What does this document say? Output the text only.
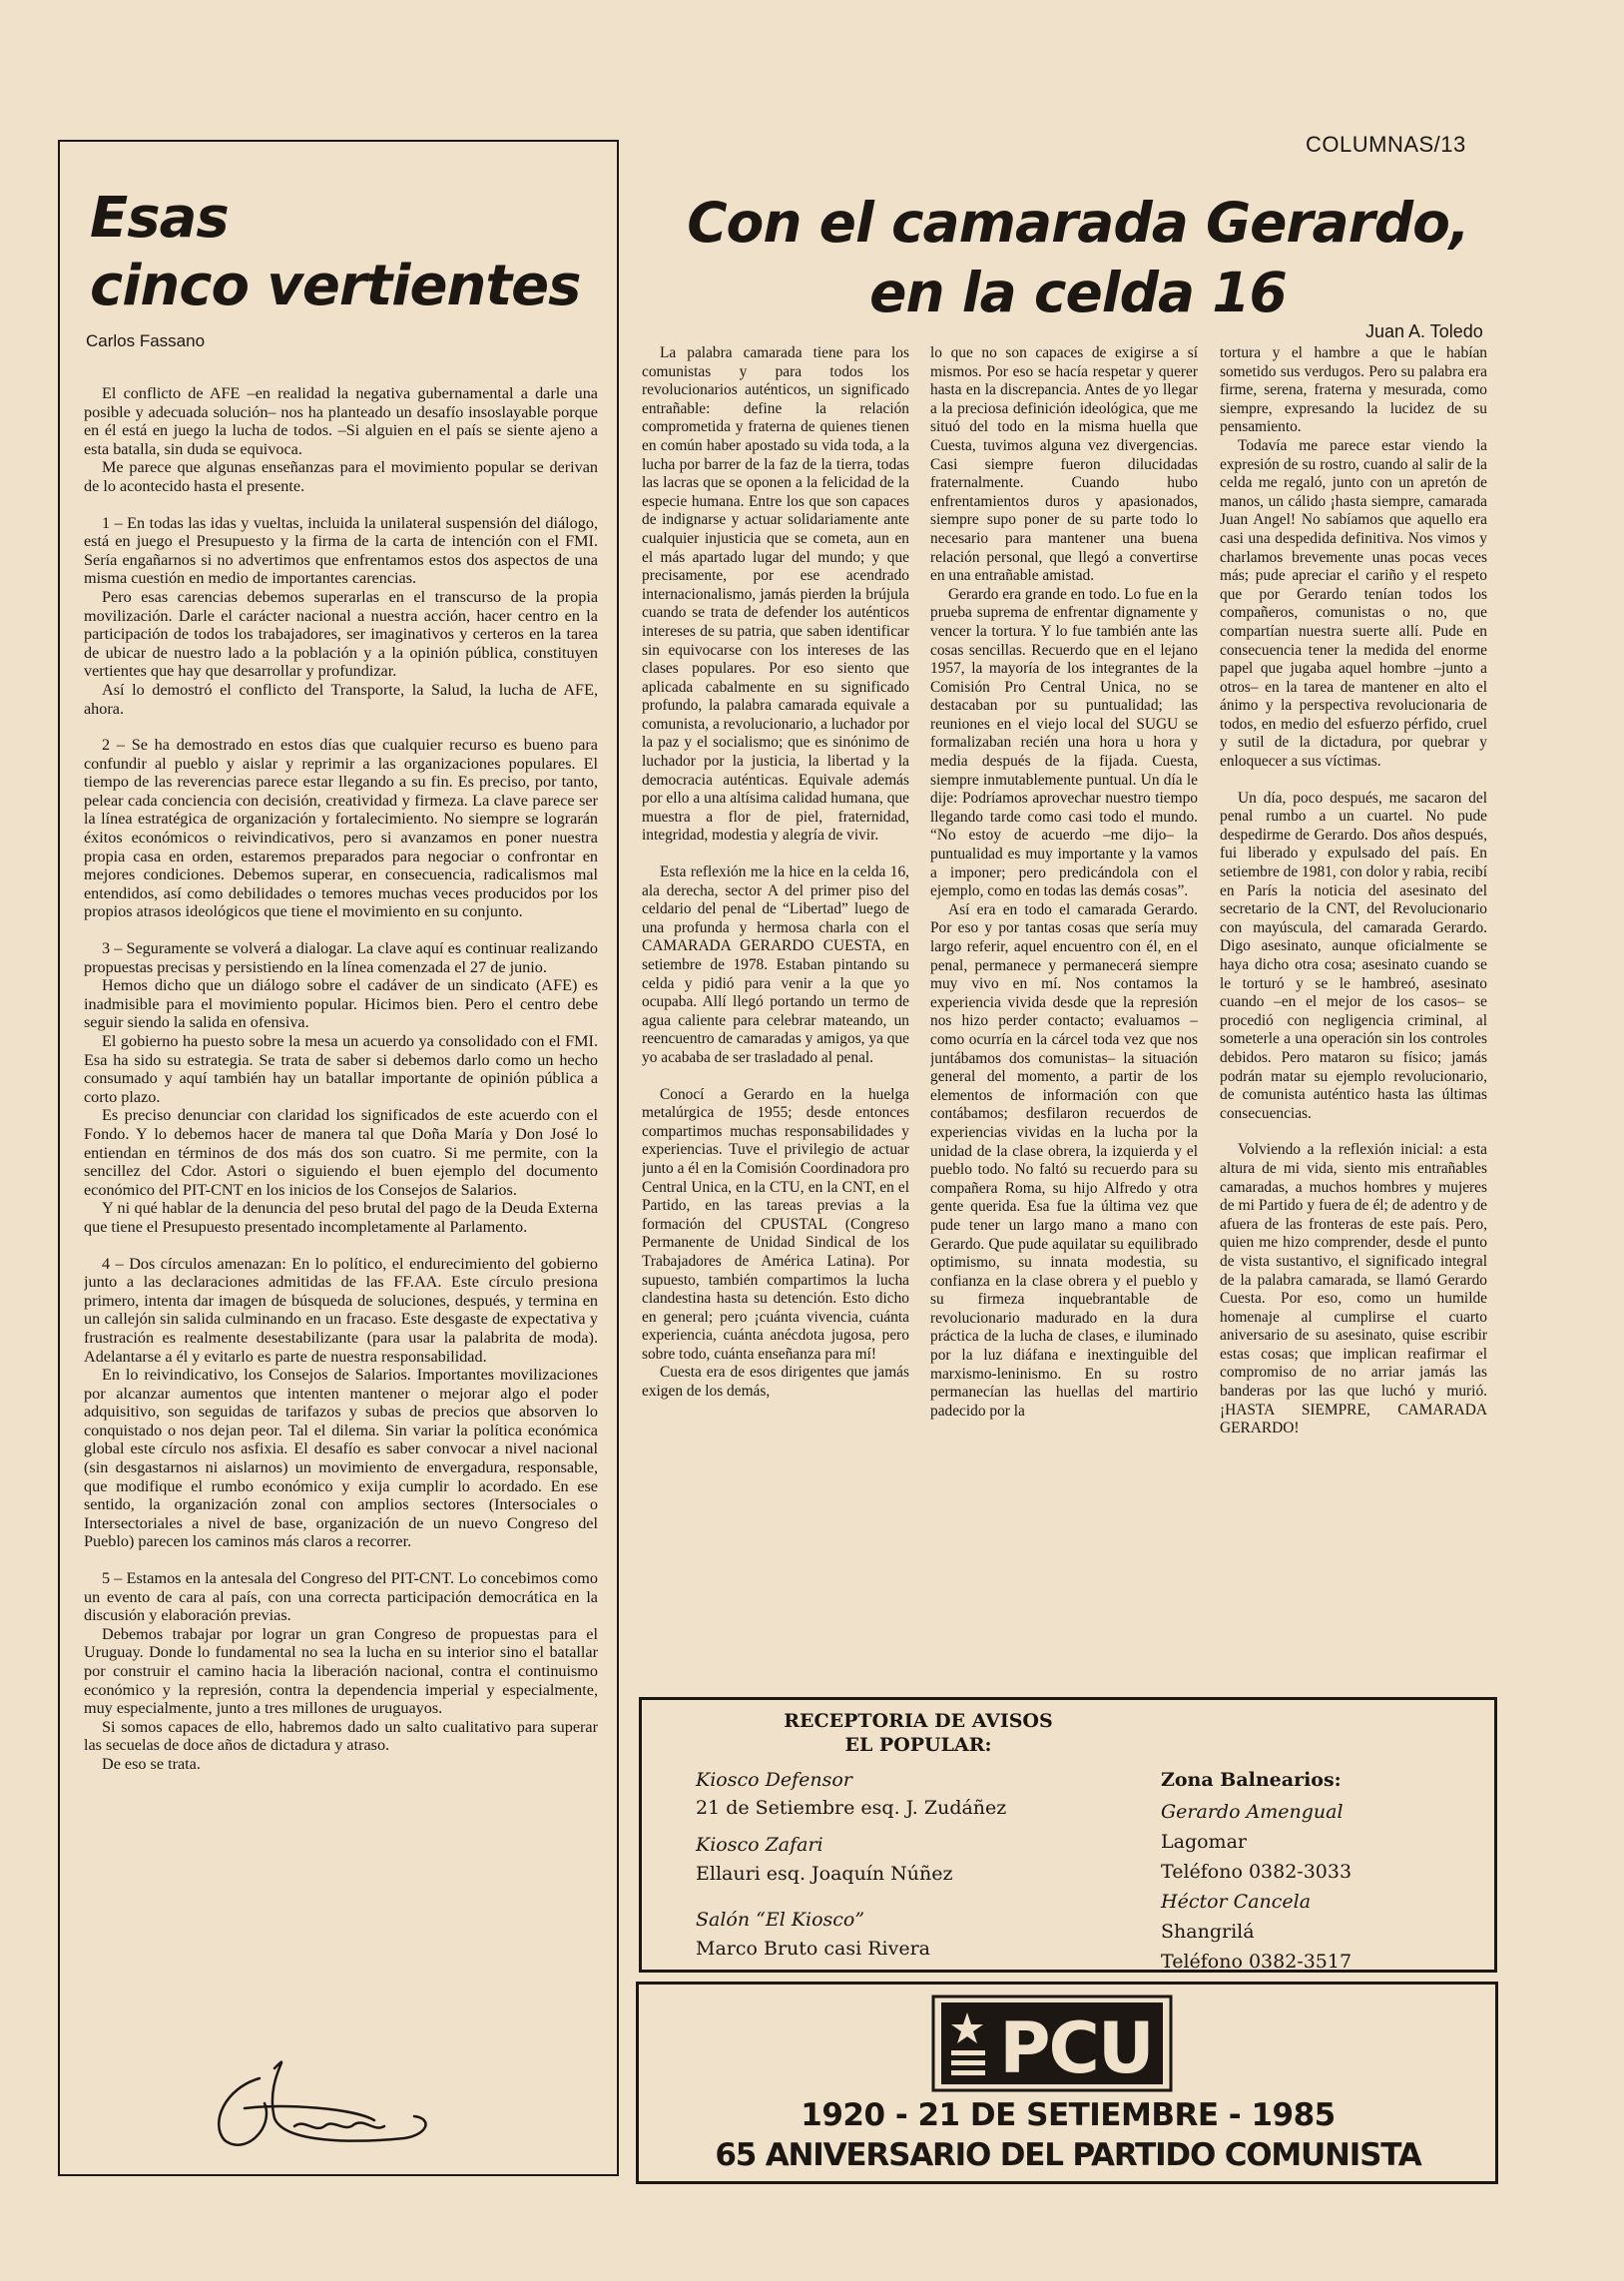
COLUMNAS/13
Esas
cinco vertientes
Carlos Fassano

El conflicto de AFE –en realidad la negativa gubernamental a darle una posible y adecuada solución– nos ha planteado un desafío insoslayable porque en él está en juego la lucha de todos. –Si alguien en el país se siente ajeno a esta batalla, sin duda se equivoca.

Me parece que algunas enseñanzas para el movimiento popular se derivan de lo acontecido hasta el presente.

1 – En todas las idas y vueltas, incluida la unilateral suspensión del diálogo, está en juego el Presupuesto y la firma de la carta de intención con el FMI. Sería engañarnos si no advertimos que enfrentamos estos dos aspectos de una misma cuestión en medio de importantes carencias.

Pero esas carencias debemos superarlas en el transcurso de la propia movilización. Darle el carácter nacional a nuestra acción, hacer centro en la participación de todos los trabajadores, ser imaginativos y certeros en la tarea de ubicar de nuestro lado a la población y a la opinión pública, constituyen vertientes que hay que desarrollar y profundizar.

Así lo demostró el conflicto del Transporte, la Salud, la lucha de AFE, ahora.

2 – Se ha demostrado en estos días que cualquier recurso es bueno para confundir al pueblo y aislar y reprimir a las organizaciones populares. El tiempo de las reverencias parece estar llegando a su fin. Es preciso, por tanto, pelear cada conciencia con decisión, creatividad y firmeza. La clave parece ser la línea estratégica de organización y fortalecimiento. No siempre se lograrán éxitos económicos o reivindicativos, pero si avanzamos en poner nuestra propia casa en orden, estaremos preparados para negociar o confrontar en mejores condiciones. Debemos superar, en consecuencia, radicalismos mal entendidos, así como debilidades o temores muchas veces producidos por los propios atrasos ideológicos que tiene el movimiento en su conjunto.

3 – Seguramente se volverá a dialogar. La clave aquí es continuar realizando propuestas precisas y persistiendo en la línea comenzada el 27 de junio.

Hemos dicho que un diálogo sobre el cadáver de un sindicato (AFE) es inadmisible para el movimiento popular. Hicimos bien. Pero el centro debe seguir siendo la salida en ofensiva.

El gobierno ha puesto sobre la mesa un acuerdo ya consolidado con el FMI. Esa ha sido su estrategia. Se trata de saber si debemos darlo como un hecho consumado y aquí también hay un batallar importante de opinión pública a corto plazo.

Es preciso denunciar con claridad los significados de este acuerdo con el Fondo. Y lo debemos hacer de manera tal que Doña María y Don José lo entiendan en términos de dos más dos son cuatro. Si me permite, con la sencillez del Cdor. Astori o siguiendo el buen ejemplo del documento económico del PIT-CNT en los inicios de los Consejos de Salarios.

Y ni qué hablar de la denuncia del peso brutal del pago de la Deuda Externa que tiene el Presupuesto presentado incompletamente al Parlamento.

4 – Dos círculos amenazan: En lo político, el endurecimiento del gobierno junto a las declaraciones admitidas de las FF.AA. Este círculo presiona primero, intenta dar imagen de búsqueda de soluciones, después, y termina en un callejón sin salida culminando en un fracaso. Este desgaste de expectativa y frustración es realmente desestabilizante (para usar la palabrita de moda). Adelantarse a él y evitarlo es parte de nuestra responsabilidad.

En lo reivindicativo, los Consejos de Salarios. Importantes movilizaciones por alcanzar aumentos que intenten mantener o mejorar algo el poder adquisitivo, son seguidas de tarifazos y subas de precios que absorven lo conquistado o nos dejan peor. Tal el dilema. Sin variar la política económica global este círculo nos asfixia. El desafío es saber convocar a nivel nacional (sin desgastarnos ni aislarnos) un movimiento de envergadura, responsable, que modifique el rumbo económico y exija cumplir lo acordado. En ese sentido, la organización zonal con amplios sectores (Intersociales o Intersectoriales a nivel de base, organización de un nuevo Congreso del Pueblo) parecen los caminos más claros a recorrer.

5 – Estamos en la antesala del Congreso del PIT-CNT. Lo concebimos como un evento de cara al país, con una correcta participación democrática en la discusión y elaboración previas.

Debemos trabajar por lograr un gran Congreso de propuestas para el Uruguay. Donde lo fundamental no sea la lucha en su interior sino el batallar por construir el camino hacia la liberación nacional, contra el continuismo económico y la represión, contra la dependencia imperial y especialmente, muy especialmente, junto a tres millones de uruguayos.

Si somos capaces de ello, habremos dado un salto cualitativo para superar las secuelas de doce años de dictadura y atraso.

De eso se trata.

Con el camarada Gerardo,
en la celda 16
Juan A. Toledo

La palabra camarada tiene para los comunistas y para todos los revolucionarios auténticos, un significado entrañable: define la relación comprometida y fraterna de quienes tienen en común haber apostado su vida toda, a la lucha por barrer de la faz de la tierra, todas las lacras que se oponen a la felicidad de la especie humana. Entre los que son capaces de indignarse y actuar solidariamente ante cualquier injusticia que se cometa, aun en el más apartado lugar del mundo; y que precisamente, por ese acendrado internacionalismo, jamás pierden la brújula cuando se trata de defender los auténticos intereses de su patria, que saben identificar sin equivocarse con los intereses de las clases populares. Por eso siento que aplicada cabalmente en su significado profundo, la palabra camarada equivale a comunista, a revolucionario, a luchador por la paz y el socialismo; que es sinónimo de luchador por la justicia, la libertad y la democracia auténticas. Equivale además por ello a una altísima calidad humana, que muestra a flor de piel, fraternidad, integridad, modestia y alegría de vivir.

Esta reflexión me la hice en la celda 16, ala derecha, sector A del primer piso del celdario del penal de “Libertad” luego de una profunda y hermosa charla con el CAMARADA GERARDO CUESTA, en setiembre de 1978. Estaban pintando su celda y pidió para venir a la que yo ocupaba. Allí llegó portando un termo de agua caliente para celebrar mateando, un reencuentro de camaradas y amigos, ya que yo acababa de ser trasladado al penal.

Conocí a Gerardo en la huelga metalúrgica de 1955; desde entonces compartimos muchas responsabilidades y experiencias. Tuve el privilegio de actuar junto a él en la Comisión Coordinadora pro Central Unica, en la CTU, en la CNT, en el Partido, en las tareas previas a la formación del CPUSTAL (Congreso Permanente de Unidad Sindical de los Trabajadores de América Latina). Por supuesto, también compartimos la lucha clandestina hasta su detención. Esto dicho en general; pero ¡cuánta vivencia, cuánta experiencia, cuánta anécdota jugosa, pero sobre todo, cuánta enseñanza para mí!

Cuesta era de esos dirigentes que jamás exigen de los demás,

lo que no son capaces de exigirse a sí mismos. Por eso se hacía respetar y querer hasta en la discrepancia. Antes de yo llegar a la preciosa definición ideológica, que me situó del todo en la misma huella que Cuesta, tuvimos alguna vez divergencias. Casi siempre fueron dilucidadas fraternalmente. Cuando hubo enfrentamientos duros y apasionados, siempre supo poner de su parte todo lo necesario para mantener una buena relación personal, que llegó a convertirse en una entrañable amistad.

Gerardo era grande en todo. Lo fue en la prueba suprema de enfrentar dignamente y vencer la tortura. Y lo fue también ante las cosas sencillas. Recuerdo que en el lejano 1957, la mayoría de los integrantes de la Comisión Pro Central Unica, no se destacaban por su puntualidad; las reuniones en el viejo local del SUGU se formalizaban recién una hora u hora y media después de la fijada. Cuesta, siempre inmutablemente puntual. Un día le dije: Podríamos aprovechar nuestro tiempo llegando tarde como casi todo el mundo. “No estoy de acuerdo –me dijo– la puntualidad es muy importante y la vamos a imponer; pero predicándola con el ejemplo, como en todas las demás cosas”.

Así era en todo el camarada Gerardo. Por eso y por tantas cosas que sería muy largo referir, aquel encuentro con él, en el penal, permanece y permanecerá siempre muy vivo en mí. Nos contamos la experiencia vivida desde que la represión nos hizo perder contacto; evaluamos –como ocurría en la cárcel toda vez que nos juntábamos dos comunistas– la situación general del momento, a partir de los elementos de información con que contábamos; desfilaron recuerdos de experiencias vividas en la lucha por la unidad de la clase obrera, la izquierda y el pueblo todo. No faltó su recuerdo para su compañera Roma, su hijo Alfredo y otra gente querida. Esa fue la última vez que pude tener un largo mano a mano con Gerardo. Que pude aquilatar su equilibrado optimismo, su innata modestia, su confianza en la clase obrera y el pueblo y su firmeza inquebrantable de revolucionario madurado en la dura práctica de la lucha de clases, e iluminado por la luz diáfana e inextinguible del marxismo-leninismo. En su rostro permanecían las huellas del martirio padecido por la

tortura y el hambre a que le habían sometido sus verdugos. Pero su palabra era firme, serena, fraterna y mesurada, como siempre, expresando la lucidez de su pensamiento.

Todavía me parece estar viendo la expresión de su rostro, cuando al salir de la celda me regaló, junto con un apretón de manos, un cálido ¡hasta siempre, camarada Juan Angel! No sabíamos que aquello era casi una despedida definitiva. Nos vimos y charlamos brevemente unas pocas veces más; pude apreciar el cariño y el respeto que por Gerardo tenían todos los compañeros, comunistas o no, que compartían nuestra suerte allí. Pude en consecuencia tener la medida del enorme papel que jugaba aquel hombre –junto a otros– en la tarea de mantener en alto el ánimo y la perspectiva revolucionaria de todos, en medio del esfuerzo pérfido, cruel y sutil de la dictadura, por quebrar y enloquecer a sus víctimas.

Un día, poco después, me sacaron del penal rumbo a un cuartel. No pude despedirme de Gerardo. Dos años después, fui liberado y expulsado del país. En setiembre de 1981, con dolor y rabia, recibí en París la noticia del asesinato del secretario de la CNT, del Revolucionario con mayúscula, del camarada Gerardo. Digo asesinato, aunque oficialmente se haya dicho otra cosa; asesinato cuando se le torturó y se le hambreó, asesinato cuando –en el mejor de los casos– se procedió con negligencia criminal, al someterle a una operación sin los controles debidos. Pero mataron su físico; jamás podrán matar su ejemplo revolucionario, de comunista auténtico hasta las últimas consecuencias.

Volviendo a la reflexión inicial: a esta altura de mi vida, siento mis entrañables camaradas, a muchos hombres y mujeres de mi Partido y fuera de él; de adentro y de afuera de las fronteras de este país. Pero, quien me hizo comprender, desde el punto de vista sustantivo, el significado integral de la palabra camarada, se llamó Gerardo Cuesta. Por eso, como un humilde homenaje al cumplirse el cuarto aniversario de su asesinato, quise escribir estas cosas; que implican reafirmar el compromiso de no arriar jamás las banderas por las que luchó y murió. ¡HASTA SIEMPRE, CAMARADA GERARDO!

RECEPTORIA DE AVISOS
EL POPULAR:
Kiosco Defensor
21 de Setiembre esq. J. Zudáñez
Kiosco Zafari
Ellauri esq. Joaquín Núñez
Salón “El Kiosco”
Marco Bruto casi Rivera
Zona Balnearios:
Gerardo Amengual
Lagomar
Teléfono 0382-3033
Héctor Cancela
Shangrilá
Teléfono 0382-3517
PCU
1920 - 21 DE SETIEMBRE - 1985
65 ANIVERSARIO DEL PARTIDO COMUNISTA
